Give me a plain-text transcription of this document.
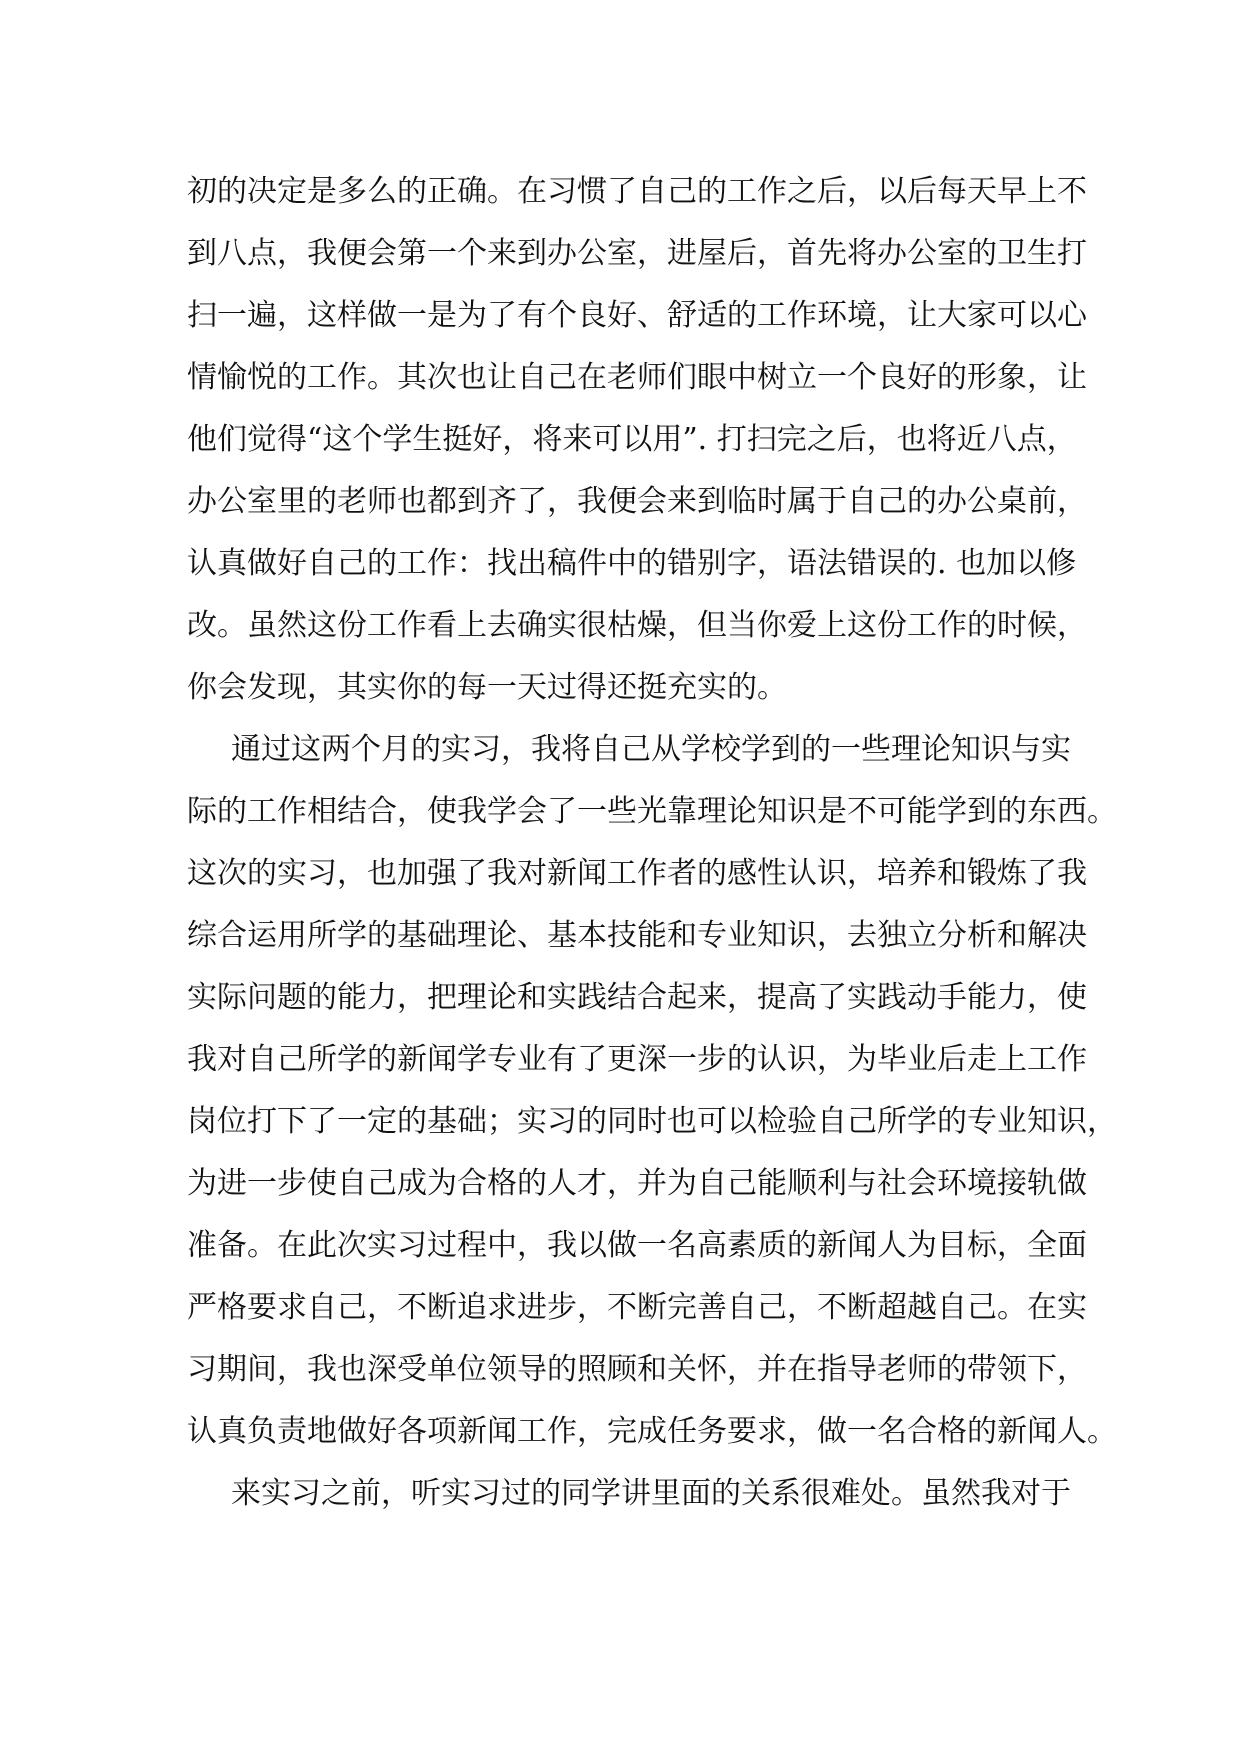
初的决定是多么的正确。在习惯了自己的工作之后，以后每天早上不
到八点，我便会第一个来到办公室，进屋后，首先将办公室的卫生打
扫一遍，这样做一是为了有个良好、舒适的工作环境，让大家可以心
情愉悦的工作。其次也让自己在老师们眼中树立一个良好的形象，让
他们觉得“这个学生挺好，将来可以用”. 打扫完之后，也将近八点，
办公室里的老师也都到齐了，我便会来到临时属于自己的办公桌前，
认真做好自己的工作：找出稿件中的错别字，语法错误的. 也加以修
改。虽然这份工作看上去确实很枯燥，但当你爱上这份工作的时候，
你会发现，其实你的每一天过得还挺充实的。
通过这两个月的实习，我将自己从学校学到的一些理论知识与实
际的工作相结合，使我学会了一些光靠理论知识是不可能学到的东西。
这次的实习，也加强了我对新闻工作者的感性认识，培养和锻炼了我
综合运用所学的基础理论、基本技能和专业知识，去独立分析和解决
实际问题的能力，把理论和实践结合起来，提高了实践动手能力，使
我对自己所学的新闻学专业有了更深一步的认识，为毕业后走上工作
岗位打下了一定的基础；实习的同时也可以检验自己所学的专业知识，
为进一步使自己成为合格的人才，并为自己能顺利与社会环境接轨做
准备。在此次实习过程中，我以做一名高素质的新闻人为目标，全面
严格要求自己，不断追求进步，不断完善自己，不断超越自己。在实
习期间，我也深受单位领导的照顾和关怀，并在指导老师的带领下，
认真负责地做好各项新闻工作，完成任务要求，做一名合格的新闻人。
来实习之前，听实习过的同学讲里面的关系很难处。虽然我对于
